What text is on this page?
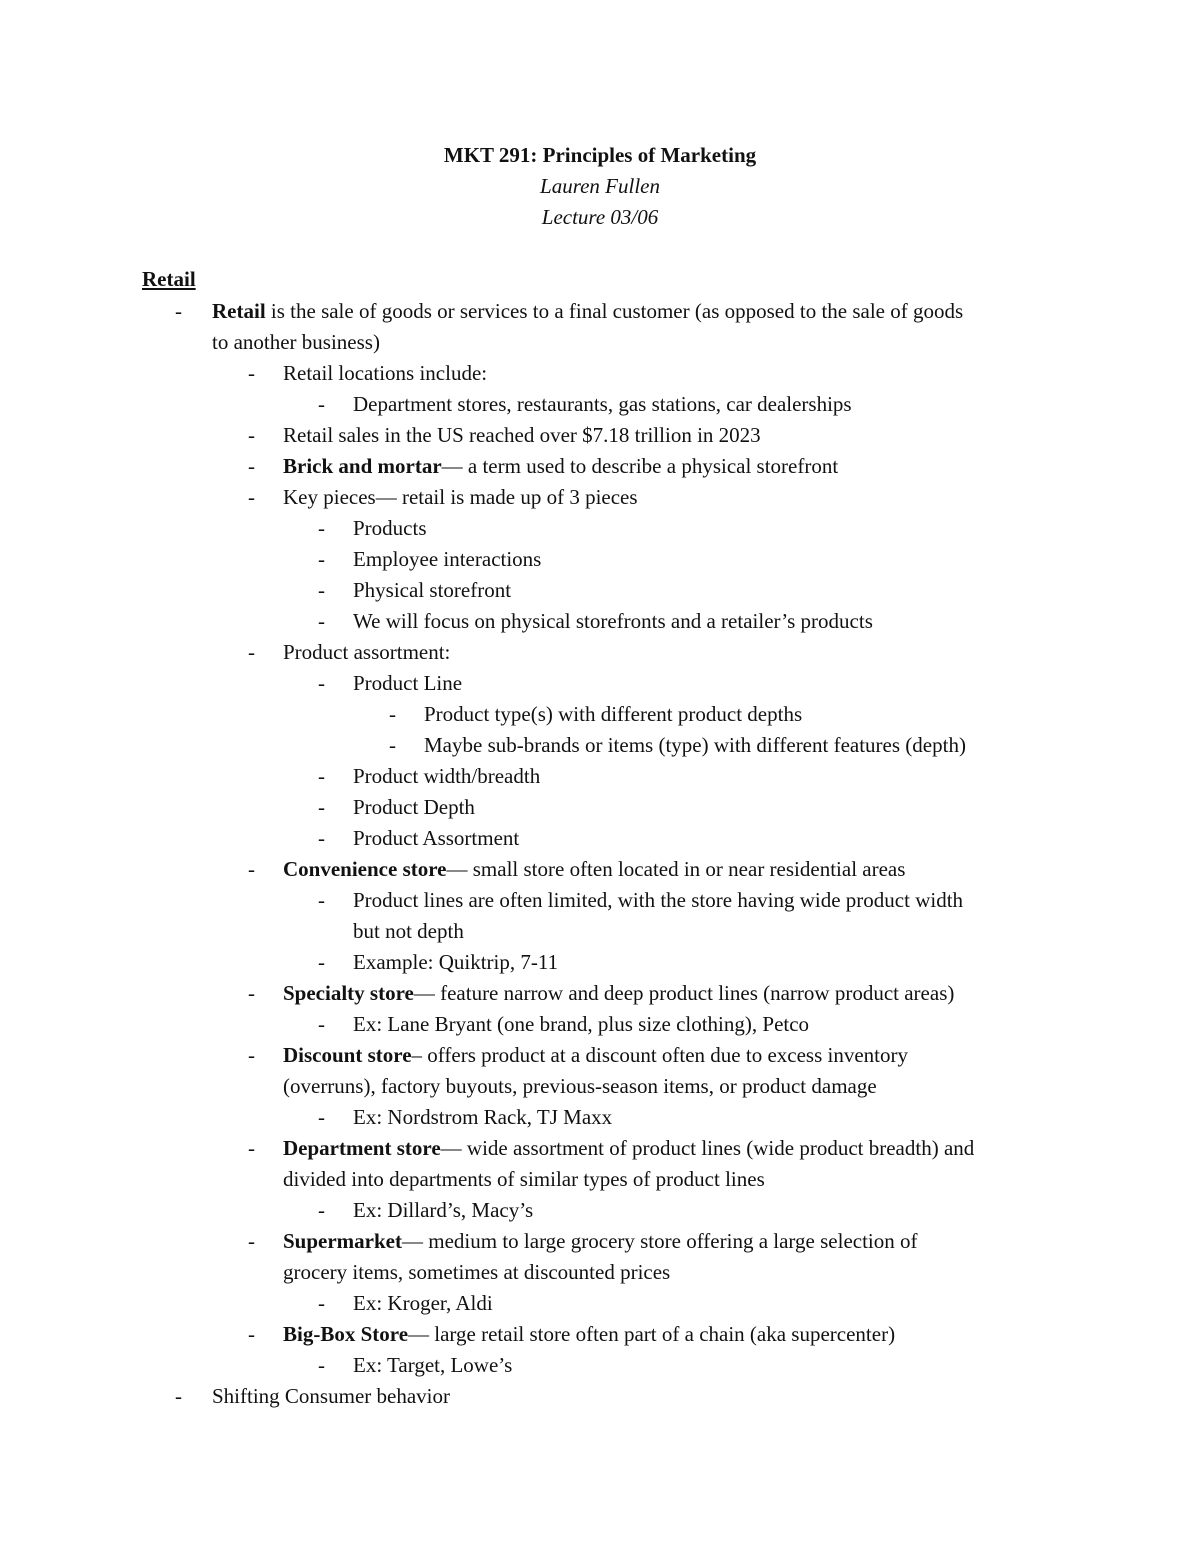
MKT 291: Principles of Marketing
Lauren Fullen
Lecture 03/06
Retail
-	Retail is the sale of goods or services to a final customer (as opposed to the sale of goods
to another business)
-	Retail locations include:
-	Department stores, restaurants, gas stations, car dealerships
-	Retail sales in the US reached over $7.18 trillion in 2023
-	Brick and mortar— a term used to describe a physical storefront
-	Key pieces— retail is made up of 3 pieces
-	Products
-	Employee interactions
-	Physical storefront
-	We will focus on physical storefronts and a retailer’s products
-	Product assortment:
-	Product Line
-	Product type(s) with different product depths
-	Maybe sub-brands or items (type) with different features (depth)
-	Product width/breadth
-	Product Depth
-	Product Assortment
-	Convenience store— small store often located in or near residential areas
-	Product lines are often limited, with the store having wide product width
but not depth
-	Example: Quiktrip, 7-11
-	Specialty store— feature narrow and deep product lines (narrow product areas)
-	Ex: Lane Bryant (one brand, plus size clothing), Petco
-	Discount store– offers product at a discount often due to excess inventory
(overruns), factory buyouts, previous-season items, or product damage
-	Ex: Nordstrom Rack, TJ Maxx
-	Department store— wide assortment of product lines (wide product breadth) and
divided into departments of similar types of product lines
-	Ex: Dillard’s, Macy’s
-	Supermarket— medium to large grocery store offering a large selection of
grocery items, sometimes at discounted prices
-	Ex: Kroger, Aldi
-	Big-Box Store— large retail store often part of a chain (aka supercenter)
-	Ex: Target, Lowe’s
-	Shifting Consumer behavior
